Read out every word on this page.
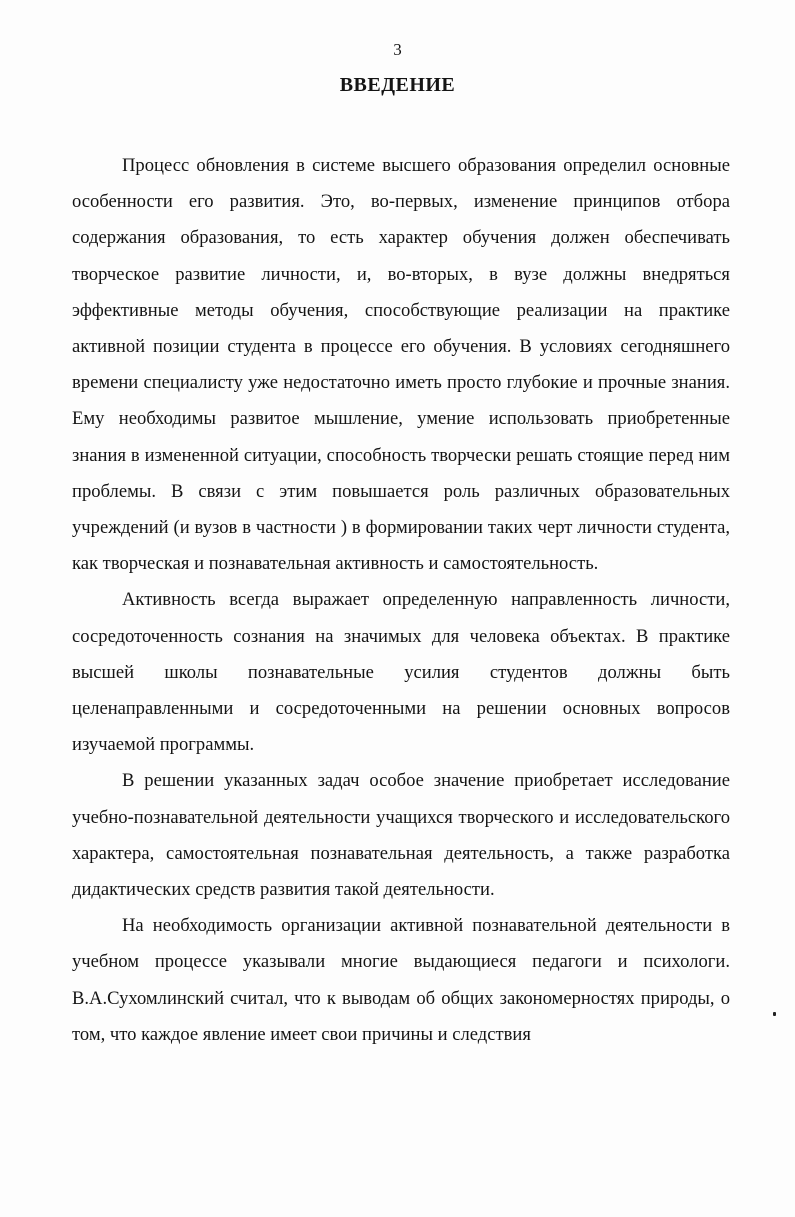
3
ВВЕДЕНИЕ

Процесс обновления в системе высшего образования определил основные особенности его развития. Это, во-первых, изменение принципов отбора содержания образования, то есть характер обучения должен обеспечивать творческое развитие личности, и, во-вторых, в вузе должны внедряться эффективные методы обучения, способствующие реализации на практике активной позиции студента в процессе его обучения. В условиях сегодняшнего времени специалисту уже недостаточно иметь просто глубокие и прочные знания. Ему необходимы развитое мышление, умение использовать приобретенные знания в измененной ситуации, способность творчески решать стоящие перед ним проблемы. В связи с этим повышается роль различных образовательных учреждений (и вузов в частности ) в формировании таких черт личности студента, как творческая и познавательная активность и самостоятельность.

Активность всегда выражает определенную направленность личности, сосредоточенность сознания на значимых для человека объектах. В практике высшей школы познавательные усилия студентов должны быть целенаправленными и сосредоточенными на решении основных вопросов изучаемой программы.

В решении указанных задач особое значение приобретает исследование учебно-познавательной деятельности учащихся творческого и исследовательского характера, самостоятельная познавательная деятельность, а также разработка дидактических средств развития такой деятельности.

На необходимость организации активной познавательной деятельности в учебном процессе указывали многие выдающиеся педагоги и психологи. В.А.Сухомлинский считал, что к выводам об общих закономерностях природы, о том, что каждое явление имеет свои причины и следствия
